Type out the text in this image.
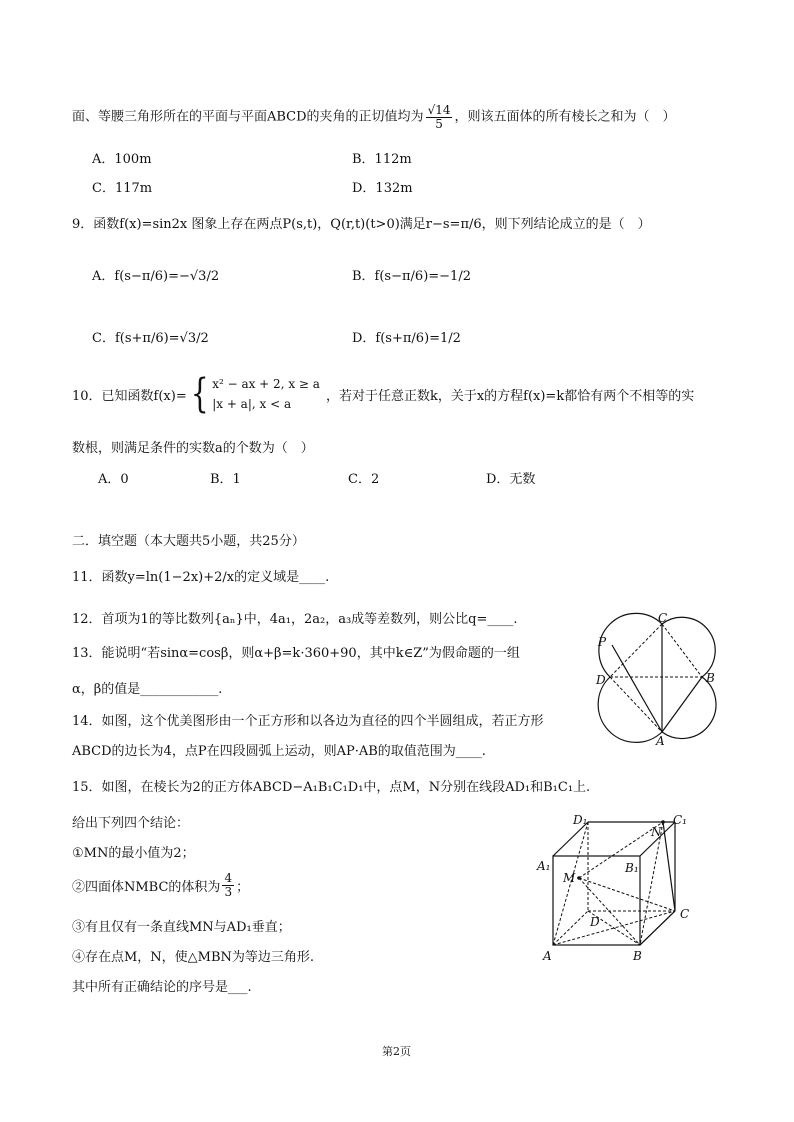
面、等腰三角形所在的平面与平面ABCD的夹角的正切值均为 $\frac{√14}{5}$ ，则该五面体的所有棱长之和为（　）
A．100m	B．112m
C．117m	D．132m
9．函数f(x)=sin2x 图象上存在两点P(s,t)，Q(r,t)(t>0)满足r−s=π/6，则下列结论成立的是（　）
A．f(s−π/6)=−√3/2	B．f(s−π/6)=−1/2
C．f(s+π/6)=√3/2	D．f(s+π/6)=1/2
10．已知函数f(x)= { x² − ax + 2, x ≥ a
|x + a|, x < a
，若对于任意正数k，关于x的方程f(x)=k都恰有两个不相等的实
数根，则满足条件的实数a的个数为（　）
A．0	B．1	C．2	D．无数
二．填空题（本大题共5小题，共25分）
11．函数y=ln(1−2x)+2/x的定义域是____.
12．首项为1的等比数列{aₙ}中，4a₁，2a₂，a₃成等差数列，则公比q=____.
13．能说明“若sinα=cosβ，则α+β=k·360+90，其中k∈Z”为假命题的一组
α，β的值是____________.
14．如图，这个优美图形由一个正方形和以各边为直径的四个半圆组成，若正方形
ABCD的边长为4，点P在四段圆弧上运动，则AP·AB的取值范围为____.
15．如图，在棱长为2的正方体ABCD−A₁B₁C₁D₁中，点M，N分别在线段AD₁和B₁C₁上.
给出下列四个结论：
①MN的最小值为2；
②四面体NMBC的体积为 $\frac{4}{3}$ ；
③有且仅有一条直线MN与AD₁垂直；
④存在点M，N，使△MBN为等边三角形.
其中所有正确结论的序号是___.
C
P
D	B
A
D₁	C₁
N
A₁
M
B₁
D
C
A	B
第2页
